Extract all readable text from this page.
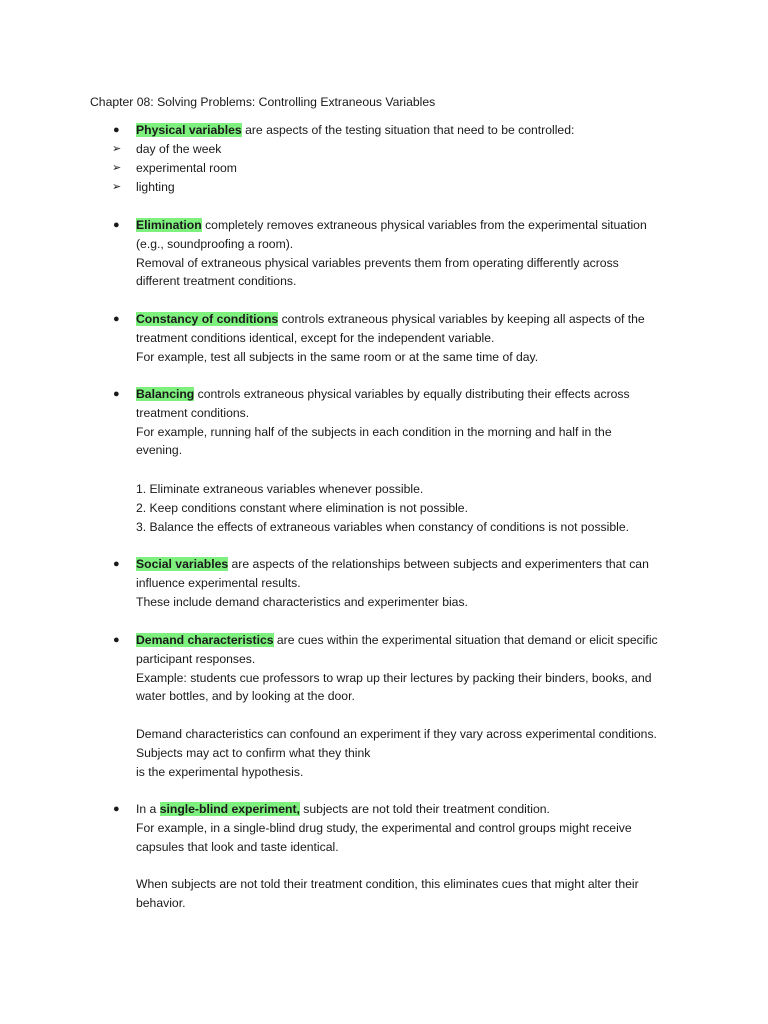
Chapter 08: Solving Problems: Controlling Extraneous Variables
●	Physical variables are aspects of the testing situation that need to be controlled:
➢	day of the week
➢	experimental room
➢	lighting
●	Elimination completely removes extraneous physical variables from the experimental situation
(e.g., soundproofing a room).
Removal of extraneous physical variables prevents them from operating differently across
different treatment conditions.
●	Constancy of conditions controls extraneous physical variables by keeping all aspects of the
treatment conditions identical, except for the independent variable.
For example, test all subjects in the same room or at the same time of day.
●	Balancing controls extraneous physical variables by equally distributing their effects across
treatment conditions.
For example, running half of the subjects in each condition in the morning and half in the
evening.
1. Eliminate extraneous variables whenever possible.
2. Keep conditions constant where elimination is not possible.
3. Balance the effects of extraneous variables when constancy of conditions is not possible.
●	Social variables are aspects of the relationships between subjects and experimenters that can
influence experimental results.
These include demand characteristics and experimenter bias.
●	Demand characteristics are cues within the experimental situation that demand or elicit specific
participant responses.
Example: students cue professors to wrap up their lectures by packing their binders, books, and
water bottles, and by looking at the door.
Demand characteristics can confound an experiment if they vary across experimental conditions.
Subjects may act to confirm what they think
is the experimental hypothesis.
●	In a single-blind experiment, subjects are not told their treatment condition.
For example, in a single-blind drug study, the experimental and control groups might receive
capsules that look and taste identical.
When subjects are not told their treatment condition, this eliminates cues that might alter their
behavior.
